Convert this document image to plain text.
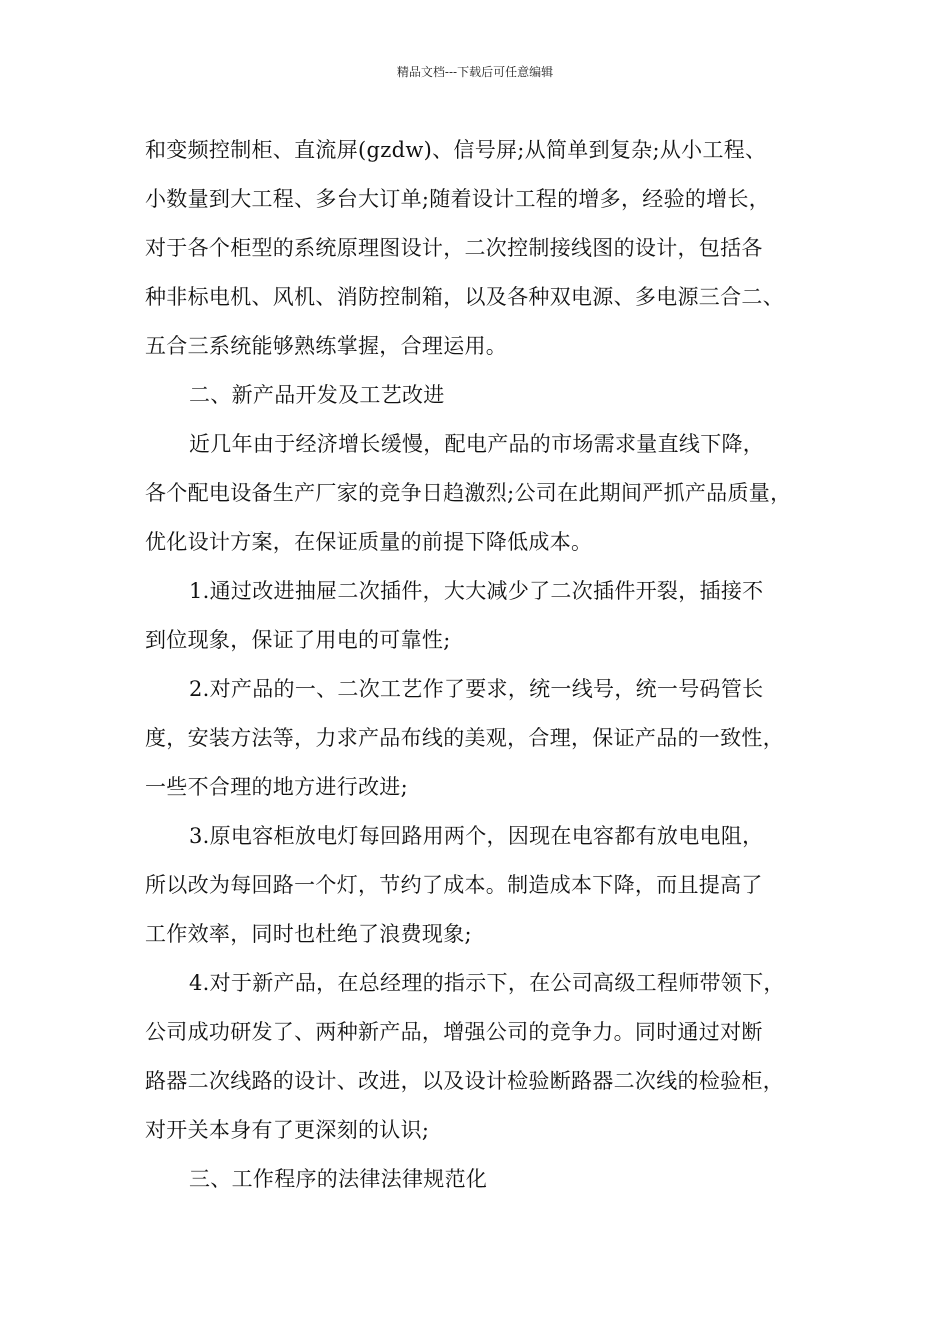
精品文档---下载后可任意编辑
和变频控制柜、直流屏(gzdw)、信号屏;从简单到复杂;从小工程、
小数量到大工程、多台大订单;随着设计工程的增多，经验的增长，
对于各个柜型的系统原理图设计，二次控制接线图的设计，包括各
种非标电机、风机、消防控制箱，以及各种双电源、多电源三合二、
五合三系统能够熟练掌握，合理运用。
二、新产品开发及工艺改进
近几年由于经济增长缓慢，配电产品的市场需求量直线下降，
各个配电设备生产厂家的竞争日趋激烈;公司在此期间严抓产品质量，
优化设计方案，在保证质量的前提下降低成本。
1.通过改进抽屉二次插件，大大减少了二次插件开裂，插接不
到位现象，保证了用电的可靠性;
2.对产品的一、二次工艺作了要求，统一线号，统一号码管长
度，安装方法等，力求产品布线的美观，合理，保证产品的一致性，
一些不合理的地方进行改进;
3.原电容柜放电灯每回路用两个，因现在电容都有放电电阻，
所以改为每回路一个灯，节约了成本。制造成本下降，而且提高了
工作效率，同时也杜绝了浪费现象;
4.对于新产品，在总经理的指示下，在公司高级工程师带领下，
公司成功研发了、两种新产品，增强公司的竞争力。同时通过对断
路器二次线路的设计、改进，以及设计检验断路器二次线的检验柜，
对开关本身有了更深刻的认识;
三、工作程序的法律法律规范化
